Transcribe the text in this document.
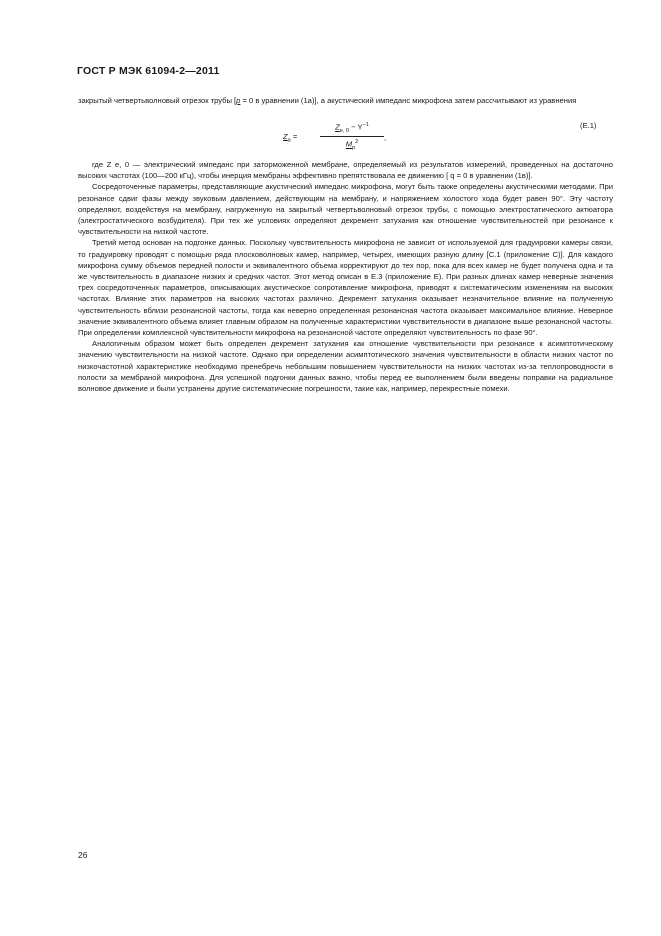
ГОСТ Р МЭК 61094-2—2011

закрытый четвертьволновый отрезок трубы [p = 0 в уравнении (1a)], а акустический импеданс микрофона затем рассчитывают из уравнения

$Z_a$ =
$Z_{e, 0} - Y^{-1}$
$M_p^2$
,
(E.1)

где Z e, 0 — электрический импеданс при заторможенной мембране, определяемый из результатов измерений, проведенных на достаточно высоких частотах (100—200 кГц), чтобы инерция мембраны эффективно препятствовала ее движению [ q = 0 в уравнении (1в)].

Сосредоточенные параметры, представляющие акустический импеданс микрофона, могут быть также определены акустическими методами. При резонансе сдвиг фазы между звуковым давлением, действующим на мембрану, и напряжением холостого хода будет равен 90°. Эту частоту определяют, воздействуя на мембрану, нагруженную на закрытый четвертьволновый отрезок трубы, с помощью электростатического актюатора (электростатического возбудителя). При тех же условиях определяют декремент затухания как отношение чувствительностей при резонансе к чувствительности на низкой частоте.

Третий метод основан на подгонке данных. Поскольку чувствительность микрофона не зависит от используемой для градуировки камеры связи, то градуировку проводят с помощью ряда плосковолновых камер, например, четырех, имеющих разную длину [С.1 (приложение С)]. Для каждого микрофона сумму объемов передней полости и эквивалентного объема корректируют до тех пор, пока для всех камер не будет получена одна и та же чувствительность в диапазоне низких и средних частот. Этот метод описан в Е.3 (приложение Е). При разных длинах камер неверные значения трех сосредоточенных параметров, описывающих акустическое сопротивление микрофона, приводят к систематическим изменениям на высоких частотах. Влияние этих параметров на высоких частотах различно. Декремент затухания оказывает незначительное влияние на полученную чувствительность вблизи резонансной частоты, тогда как неверно определенная резонансная частота оказывает максимальное влияние. Неверное значение эквивалентного объема влияет главным образом на полученные характеристики чувствительности в диапазоне выше резонансной частоты. При определении комплексной чувствительности микрофона на резонансной частоте определяют чувствительность по фазе 90°.

Аналогичным образом может быть определен декремент затухания как отношение чувствительности при резонансе к асимптотическому значению чувствительности на низкой частоте. Однако при определении асимптотического значения чувствительности в области низких частот по низкочастотной характеристике необходимо пренебречь небольшим повышением чувствительности на низких частотах из-за теплопроводности в полости за мембраной микрофона. Для успешной подгонки данных важно, чтобы перед ее выполнением были введены поправки на радиальное волновое движение и были устранены другие систематические погрешности, такие как, например, перекрестные помехи.

26
